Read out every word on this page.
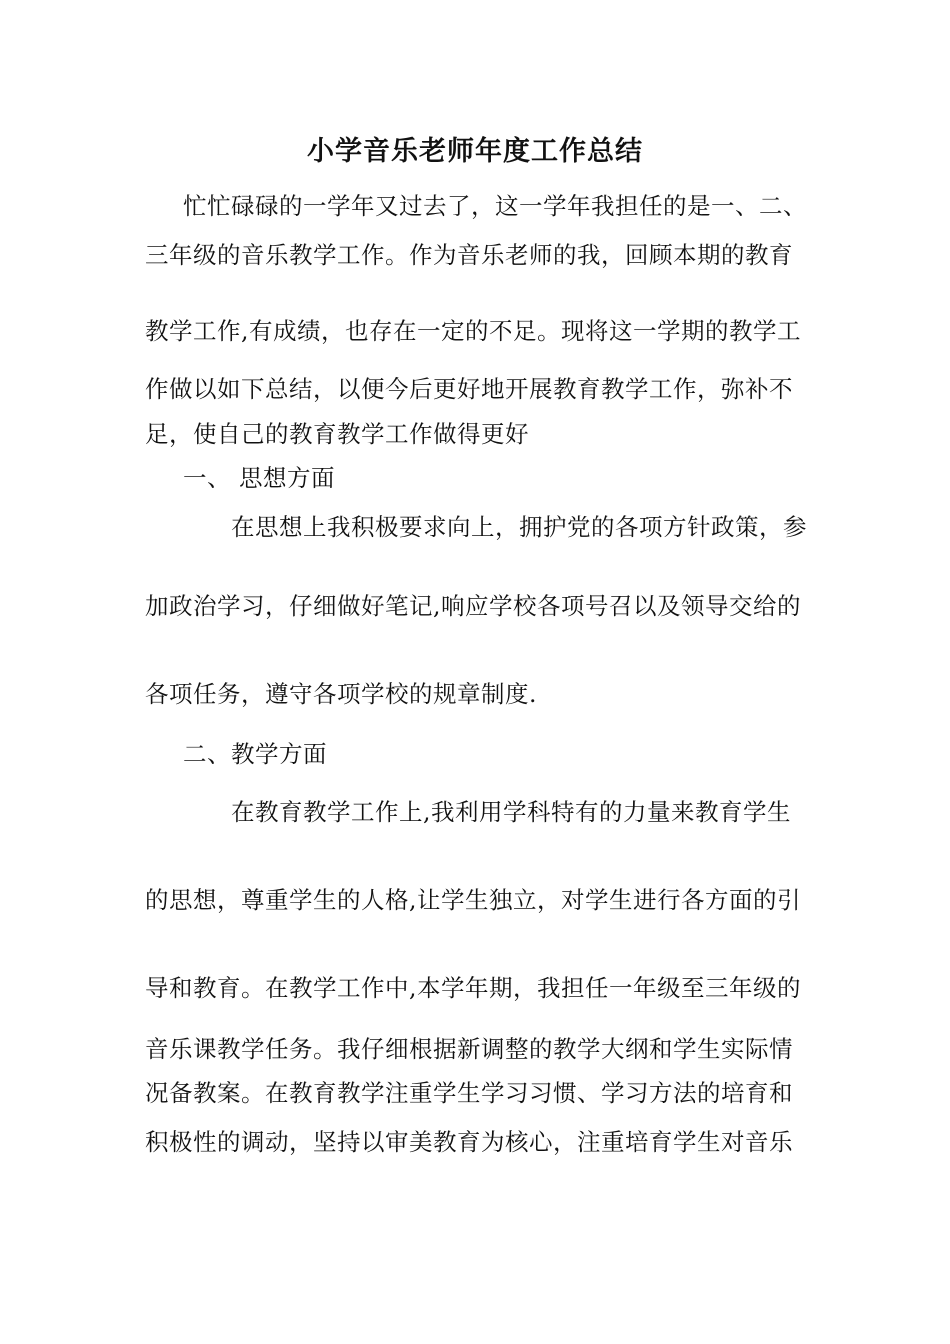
小学音乐老师年度工作总结
忙忙碌碌的一学年又过去了，这一学年我担任的是一、二、
三年级的音乐教学工作。作为音乐老师的我，回顾本期的教育
教学工作,有成绩，也存在一定的不足。现将这一学期的教学工
作做以如下总结，以便今后更好地开展教育教学工作，弥补不
足，使自己的教育教学工作做得更好
一、 思想方面
在思想上我积极要求向上，拥护党的各项方针政策，参
加政治学习，仔细做好笔记,响应学校各项号召以及领导交给的
各项任务，遵守各项学校的规章制度.
二、教学方面
在教育教学工作上,我利用学科特有的力量来教育学生
的思想，尊重学生的人格,让学生独立，对学生进行各方面的引
导和教育。在教学工作中,本学年期，我担任一年级至三年级的
音乐课教学任务。我仔细根据新调整的教学大纲和学生实际情
况备教案。在教育教学注重学生学习习惯、学习方法的培育和
积极性的调动，坚持以审美教育为核心，注重培育学生对音乐
